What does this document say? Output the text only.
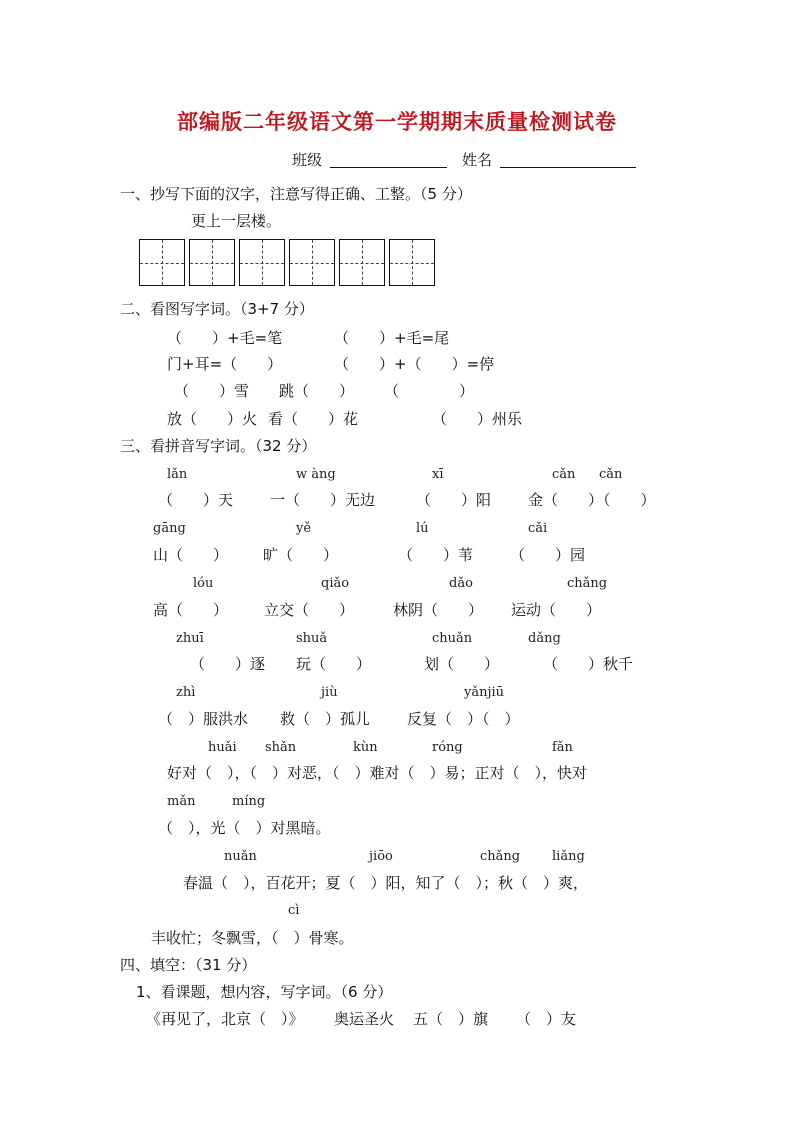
部编版二年级语文第一学期期末质量检测试卷
班级	姓名
一、抄写下面的汉字，注意写得正确、工整。（5 分）
更上一层楼。
二、看图写字词。（3+7 分）
（　　）+毛=笔	（　　）+毛=尾
门+耳=（　　）	（　　）+（　　）=停
（　　）雪　　跳（　　） （　　　　）
放（　　）火 看（　　）花	（　　）州乐
三、看拼音写字词。（32 分）
lǎn	w àng	xī	cǎn cǎn
（　　）天 一（　　）无边	（　　）阳 金（　　）（　　）
gāng	yě	lú	cǎi
山（　　） 旷（　　）	（　　）苇 （　　）园
lóu	qiǎo	dǎo	chǎng
高（　　） 立交（　　）	林阴（　　） 运动（　　）
zhuī	shuǎ	chuǎn	dǎng
（　　）逐 玩（　　）	划（　　）	（　　）秋千
zhì	jiù	yǎnjiū
（　）服洪水 救（　）孤儿 反复（　）（　）
huǎi shǎn	kùn	róng	fǎn
好对（　），（　）对恶，（　）难对（　）易；正对（　），快对
mǎn	míng
（　），光（　）对黑暗。
nuǎn	jiōo	chǎng liǎng
春温（　），百花开；夏（　）阳，知了（　）；秋（　）爽，
cì
丰收忙；冬飘雪，（　）骨寒。
四、填空：（31 分）
1、看课题，想内容，写字词。（6 分）
《再见了，北京（　）》 奥运圣火 五（　）旗 （　）友
